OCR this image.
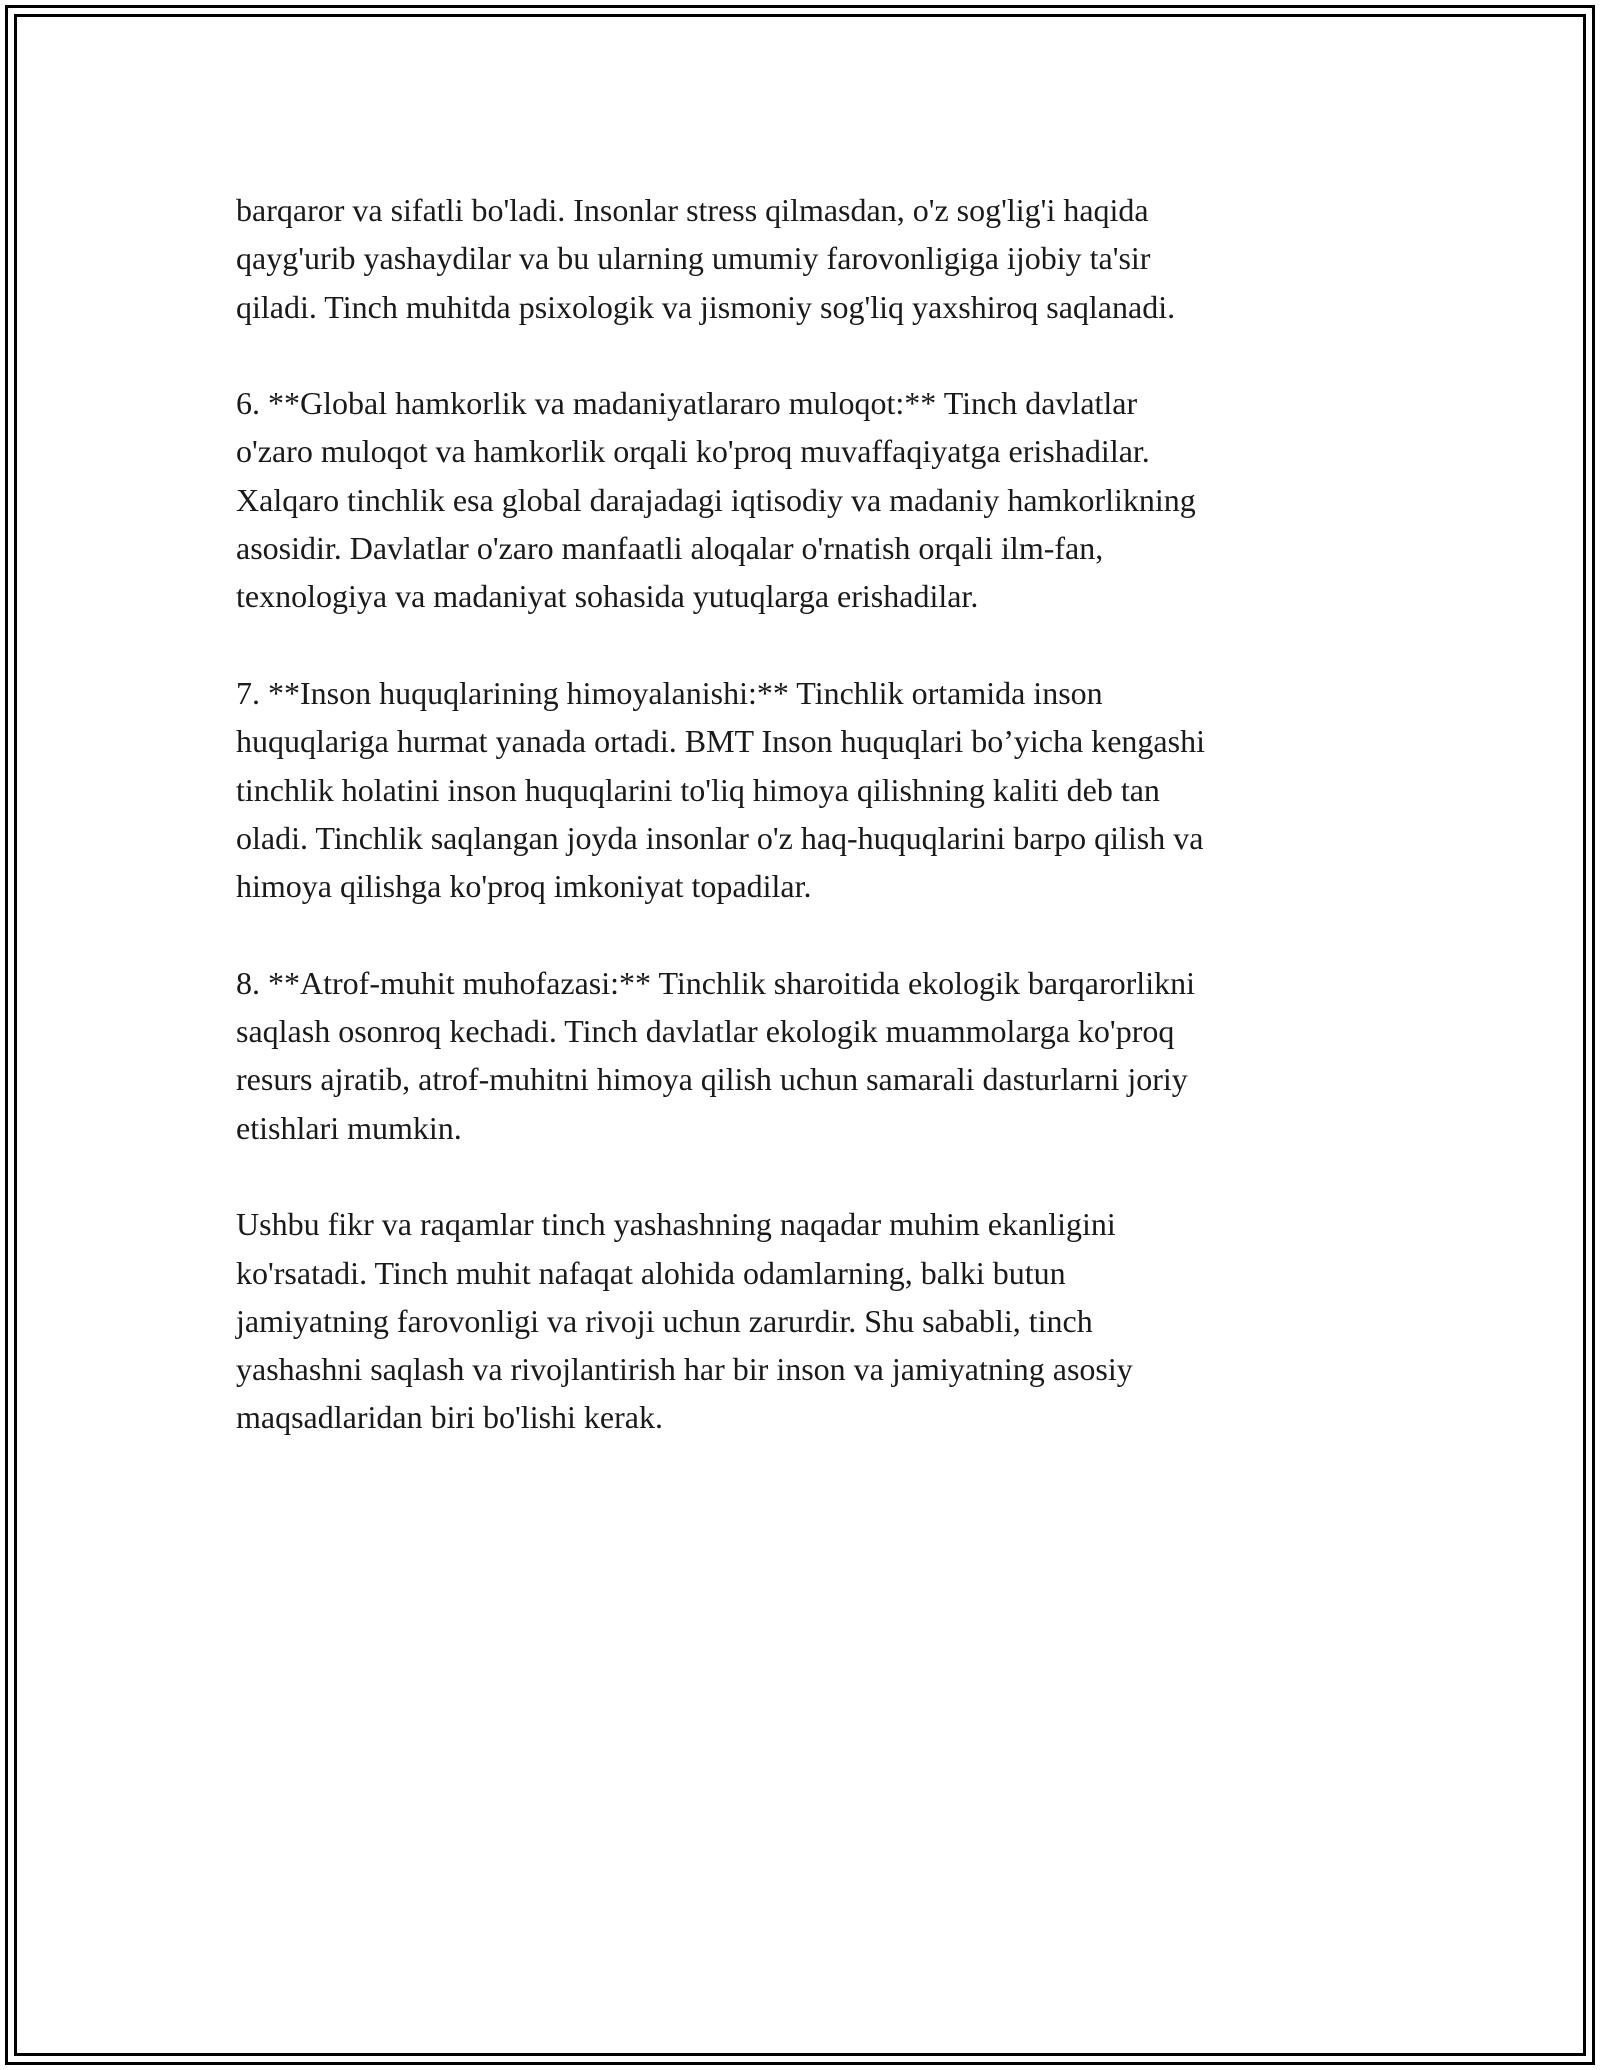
barqaror va sifatli bo'ladi. Insonlar stress qilmasdan, o'z sog'lig'i haqida
qayg'urib yashaydilar va bu ularning umumiy farovonligiga ijobiy ta'sir
qiladi. Tinch muhitda psixologik va jismoniy sog'liq yaxshiroq saqlanadi.

6. **Global hamkorlik va madaniyatlararo muloqot:** Tinch davlatlar
o'zaro muloqot va hamkorlik orqali ko'proq muvaffaqiyatga erishadilar.
Xalqaro tinchlik esa global darajadagi iqtisodiy va madaniy hamkorlikning
asosidir. Davlatlar o'zaro manfaatli aloqalar o'rnatish orqali ilm-fan,
texnologiya va madaniyat sohasida yutuqlarga erishadilar.

7. **Inson huquqlarining himoyalanishi:** Tinchlik ortamida inson
huquqlariga hurmat yanada ortadi. BMT Inson huquqlari bo’yicha kengashi
tinchlik holatini inson huquqlarini to'liq himoya qilishning kaliti deb tan
oladi. Tinchlik saqlangan joyda insonlar o'z haq-huquqlarini barpo qilish va
himoya qilishga ko'proq imkoniyat topadilar.

8. **Atrof-muhit muhofazasi:** Tinchlik sharoitida ekologik barqarorlikni
saqlash osonroq kechadi. Tinch davlatlar ekologik muammolarga ko'proq
resurs ajratib, atrof-muhitni himoya qilish uchun samarali dasturlarni joriy
etishlari mumkin.

Ushbu fikr va raqamlar tinch yashashning naqadar muhim ekanligini
ko'rsatadi. Tinch muhit nafaqat alohida odamlarning, balki butun
jamiyatning farovonligi va rivoji uchun zarurdir. Shu sababli, tinch
yashashni saqlash va rivojlantirish har bir inson va jamiyatning asosiy
maqsadlaridan biri bo'lishi kerak.
